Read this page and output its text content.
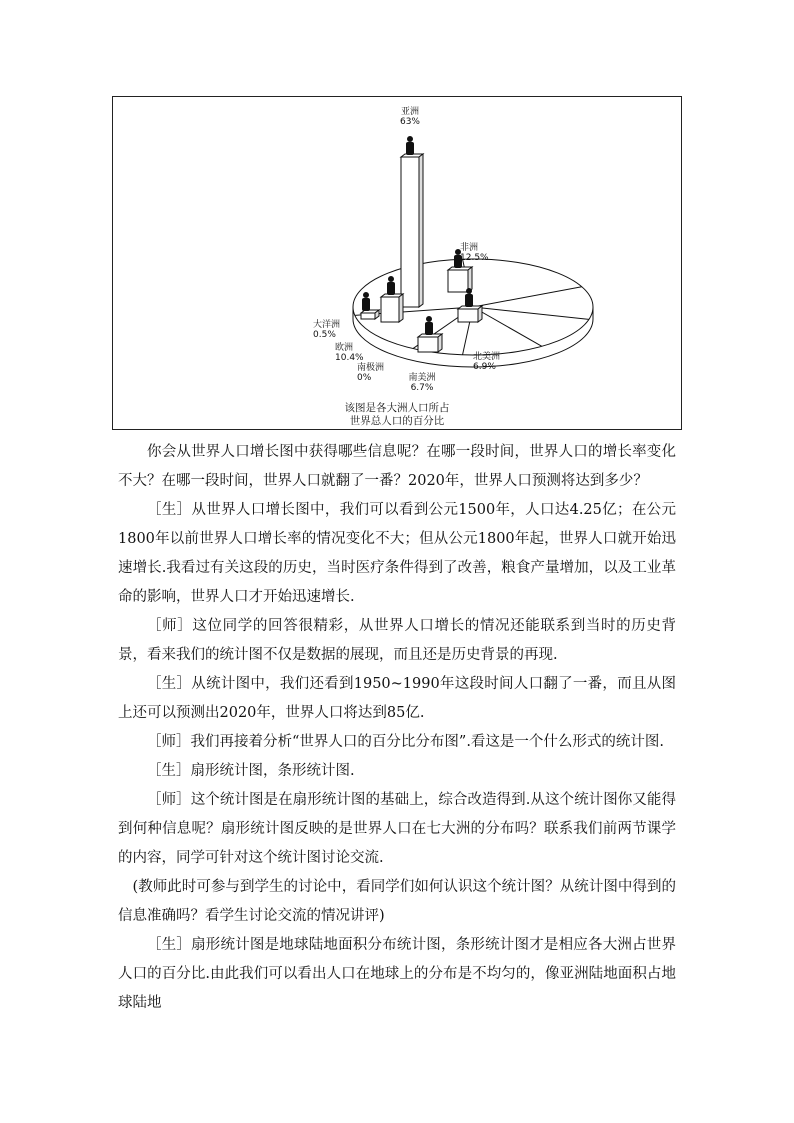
亚洲
63%
非洲
12.5%
北美洲
6.9%
南美洲
6.7%
南极洲
0%
欧洲
10.4%
大洋洲
0.5%
该图是各大洲人口所占
世界总人口的百分比

你会从世界人口增长图中获得哪些信息呢？在哪一段时间，世界人口的增长率变化不大？在哪一段时间，世界人口就翻了一番？2020年，世界人口预测将达到多少？

［生］从世界人口增长图中，我们可以看到公元1500年，人口达4.25亿；在公元1800年以前世界人口增长率的情况变化不大；但从公元1800年起，世界人口就开始迅速增长.我看过有关这段的历史，当时医疗条件得到了改善，粮食产量增加，以及工业革命的影响，世界人口才开始迅速增长.

［师］这位同学的回答很精彩，从世界人口增长的情况还能联系到当时的历史背景，看来我们的统计图不仅是数据的展现，而且还是历史背景的再现.

［生］从统计图中，我们还看到1950~1990年这段时间人口翻了一番，而且从图上还可以预测出2020年，世界人口将达到85亿.

［师］我们再接着分析“世界人口的百分比分布图”.看这是一个什么形式的统计图.

［生］扇形统计图，条形统计图.

［师］这个统计图是在扇形统计图的基础上，综合改造得到.从这个统计图你又能得到何种信息呢？扇形统计图反映的是世界人口在七大洲的分布吗？联系我们前两节课学的内容，同学可针对这个统计图讨论交流.

(教师此时可参与到学生的讨论中，看同学们如何认识这个统计图？从统计图中得到的信息准确吗？看学生讨论交流的情况讲评)

［生］扇形统计图是地球陆地面积分布统计图，条形统计图才是相应各大洲占世界人口的百分比.由此我们可以看出人口在地球上的分布是不均匀的，像亚洲陆地面积占地球陆地
